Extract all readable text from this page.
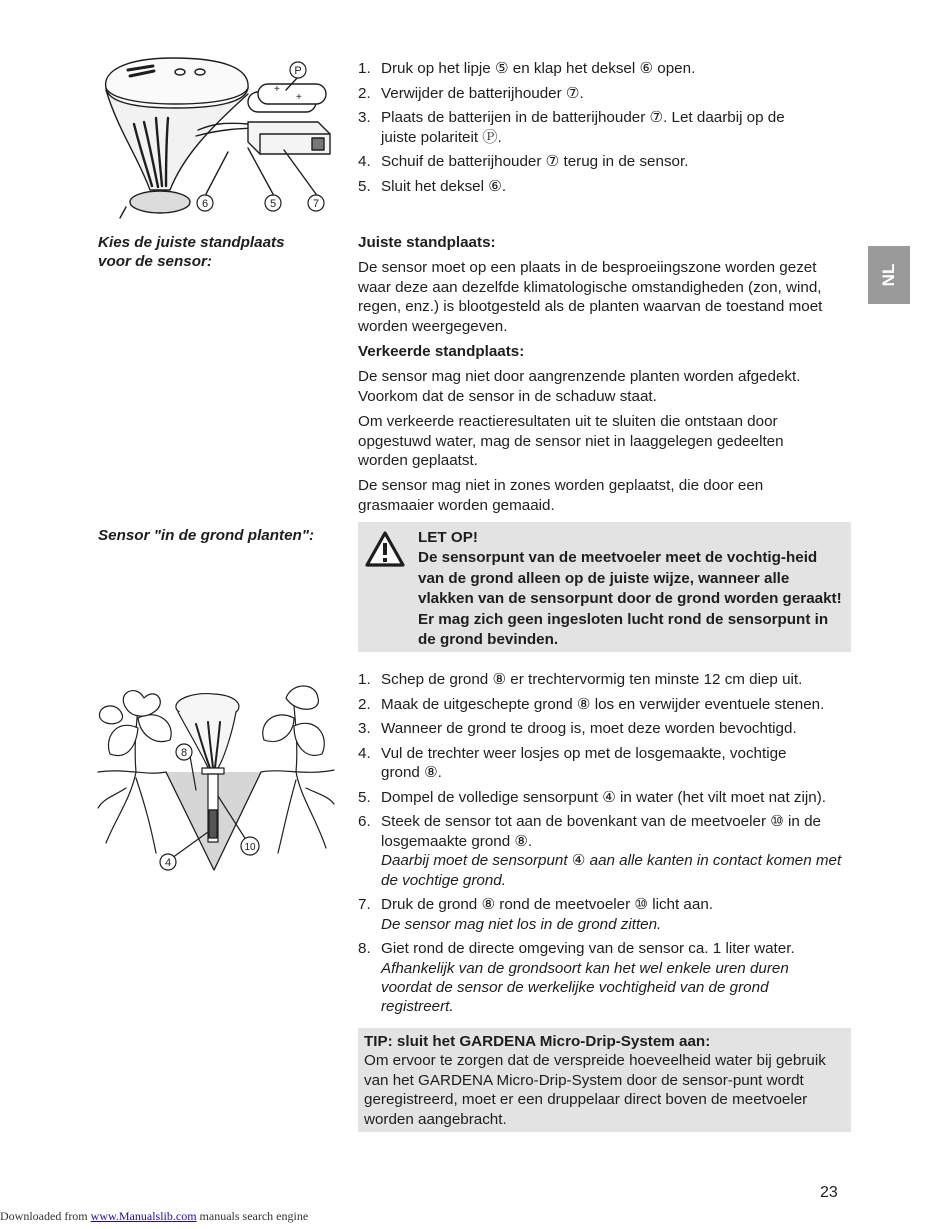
+
+
P
6	5	7
1. Druk op het lipje ⑤ en klap het deksel ⑥ open.
2. Verwijder de batterijhouder ⑦.
3. Plaats de batterijen in de batterijhouder ⑦. Let daarbij op de juiste polariteit Ⓟ.
4. Schuif de batterijhouder ⑦ terug in de sensor.
5. Sluit het deksel ⑥.
Kies de juiste standplaats voor de sensor:

Juiste standplaats:

De sensor moet op een plaats in de besproeiingszone worden gezet waar deze aan dezelfde klimatologische omstandigheden (zon, wind, regen, enz.) is blootgesteld als de planten waarvan de toestand moet worden weergegeven.

Verkeerde standplaats:

De sensor mag niet door aangrenzende planten worden afgedekt. Voorkom dat de sensor in de schaduw staat.

Om verkeerde reactieresultaten uit te sluiten die ontstaan door opgestuwd water, mag de sensor niet in laaggelegen gedeelten worden geplaatst.

De sensor mag niet in zones worden geplaatst, die door een grasmaaier worden gemaaid.

NL
Sensor "in de grond planten":	LET OP!
De sensorpunt van de meetvoeler meet de vochtig-heid van de grond alleen op de juiste wijze, wanneer alle vlakken van de sensorpunt door de grond worden geraakt! Er mag zich geen ingesloten lucht rond de sensorpunt in de grond bevinden.
8
4
10
1. Schep de grond ⑧ er trechtervormig ten minste 12 cm diep uit.
2. Maak de uitgeschepte grond ⑧ los en verwijder eventuele stenen.
3. Wanneer de grond te droog is, moet deze worden bevochtigd.
4. Vul de trechter weer losjes op met de losgemaakte, vochtige grond ⑧.
5. Dompel de volledige sensorpunt ④ in water (het vilt moet nat zijn).
6. Steek de sensor tot aan de bovenkant van de meetvoeler ⑩ in de losgemaakte grond ⑧.
Daarbij moet de sensorpunt ④ aan alle kanten in contact komen met de vochtige grond.
7. Druk de grond ⑧ rond de meetvoeler ⑩ licht aan.
De sensor mag niet los in de grond zitten.
8. Giet rond de directe omgeving van de sensor ca. 1 liter water.
Afhankelijk van de grondsoort kan het wel enkele uren duren voordat de sensor de werkelijke vochtigheid van de grond registreert.
TIP: sluit het GARDENA Micro-Drip-System aan:
Om ervoor te zorgen dat de verspreide hoeveelheid water bij gebruik van het GARDENA Micro-Drip-System door de sensor-punt wordt geregistreerd, moet er een druppelaar direct boven de meetvoeler worden aangebracht.
23
Downloaded from www.Manualslib.com manuals search engine
